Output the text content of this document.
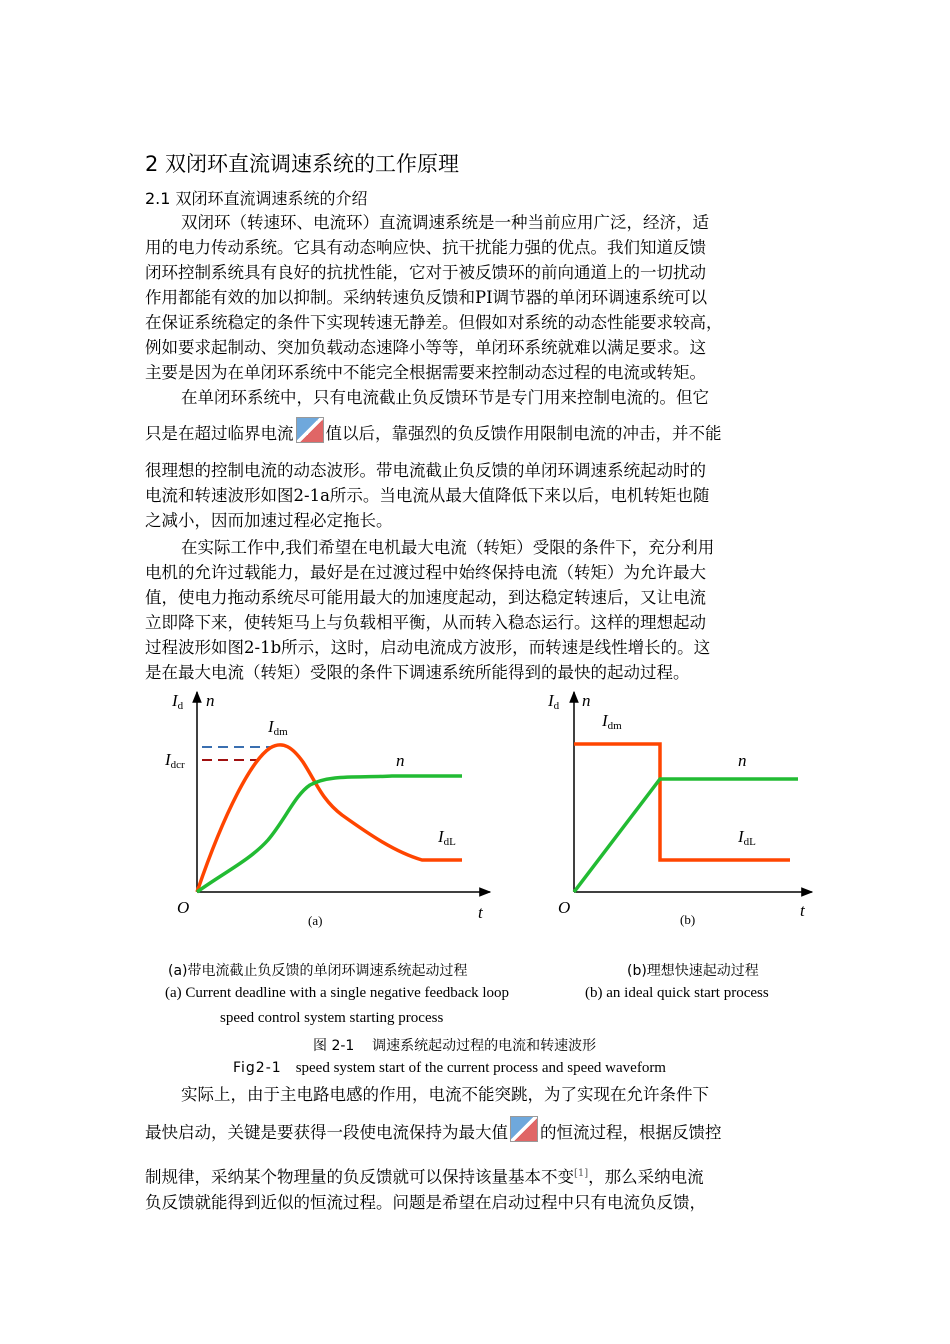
2 双闭环直流调速系统的工作原理
2.1 双闭环直流调速系统的介绍
双闭环（转速环、电流环）直流调速系统是一种当前应用广泛，经济，适
用的电力传动系统。它具有动态响应快、抗干扰能力强的优点。我们知道反馈
闭环控制系统具有良好的抗扰性能，它对于被反馈环的前向通道上的一切扰动
作用都能有效的加以抑制。采纳转速负反馈和PI调节器的单闭环调速系统可以
在保证系统稳定的条件下实现转速无静差。但假如对系统的动态性能要求较高，
例如要求起制动、突加负载动态速降小等等，单闭环系统就难以满足要求。这
主要是因为在单闭环系统中不能完全根据需要来控制动态过程的电流或转矩。
在单闭环系统中，只有电流截止负反馈环节是专门用来控制电流的。但它
只是在超过临界电流 值以后，靠强烈的负反馈作用限制电流的冲击，并不能
很理想的控制电流的动态波形。带电流截止负反馈的单闭环调速系统起动时的
电流和转速波形如图2-1a所示。当电流从最大值降低下来以后，电机转矩也随
之减小，因而加速过程必定拖长。
在实际工作中,我们希望在电机最大电流（转矩）受限的条件下，充分利用
电机的允许过载能力，最好是在过渡过程中始终保持电流（转矩）为允许最大
值，使电力拖动系统尽可能用最大的加速度起动，到达稳定转速后，又让电流
立即降下来，使转矩马上与负载相平衡，从而转入稳态运行。这样的理想起动
过程波形如图2-1b所示，这时，启动电流成方波形，而转速是线性增长的。这
是在最大电流（转矩）受限的条件下调速系统所能得到的最快的起动过程。
Id n
Idm
Idcr	n
IdL
O	t
(a)
Id n
Idm
n
IdL
O	t
(b)
(a)带电流截止负反馈的单闭环调速系统起动过程	(b)理想快速起动过程
(a) Current deadline with a single negative feedback loop	(b) an ideal quick start process
speed control system starting process
图 2-1    调速系统起动过程的电流和转速波形
Fig2-1 speed system start of the current process and speed waveform
实际上，由于主电路电感的作用，电流不能突跳，为了实现在允许条件下
最快启动，关键是要获得一段使电流保持为最大值 的恒流过程，根据反馈控
制规律，采纳某个物理量的负反馈就可以保持该量基本不变[1]，那么采纳电流
负反馈就能得到近似的恒流过程。问题是希望在启动过程中只有电流负反馈，
